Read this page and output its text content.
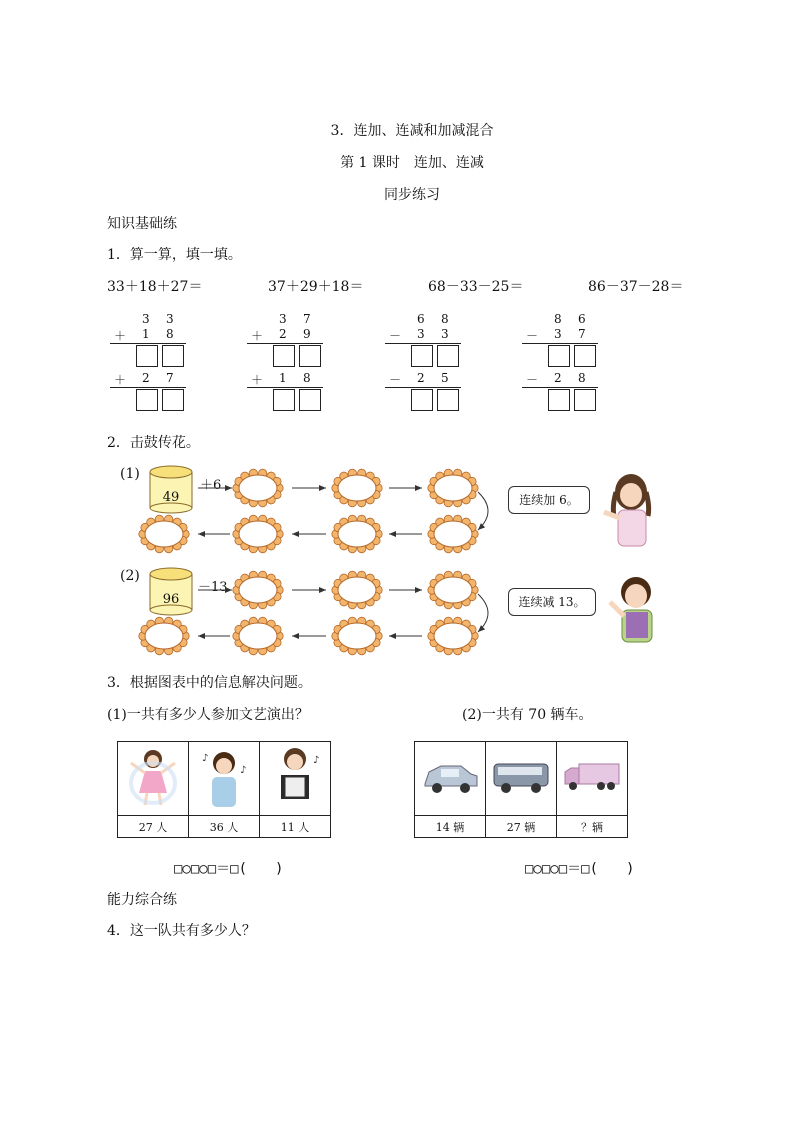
3．连加、连减和加减混合
第 1 课时　连加、连减
同步练习
知识基础练
1．算一算，填一填。
33＋18＋27＝	37＋29＋18＝	68－33－25＝	86－37－28＝
3 3
＋ 1 8
＋ 2 7
3 7
＋ 2 9
＋ 1 8
6 8
－ 3 3
－ 2 5
8 6
－ 3 7
－ 2 8
2．击鼓传花。
(1)
(2)
＋6
－13
49
96
连续加 6。
连续减 13。
3．根据图表中的信息解决问题。
(1)一共有多少人参加文艺演出？	(2)一共有 70 辆车。

♪
♪	♪

27 人	36 人	11 人
			14 辆	27 辆	？辆
□○□○□＝□(　　)	□○□○□＝□(　　)
能力综合练
4．这一队共有多少人？
